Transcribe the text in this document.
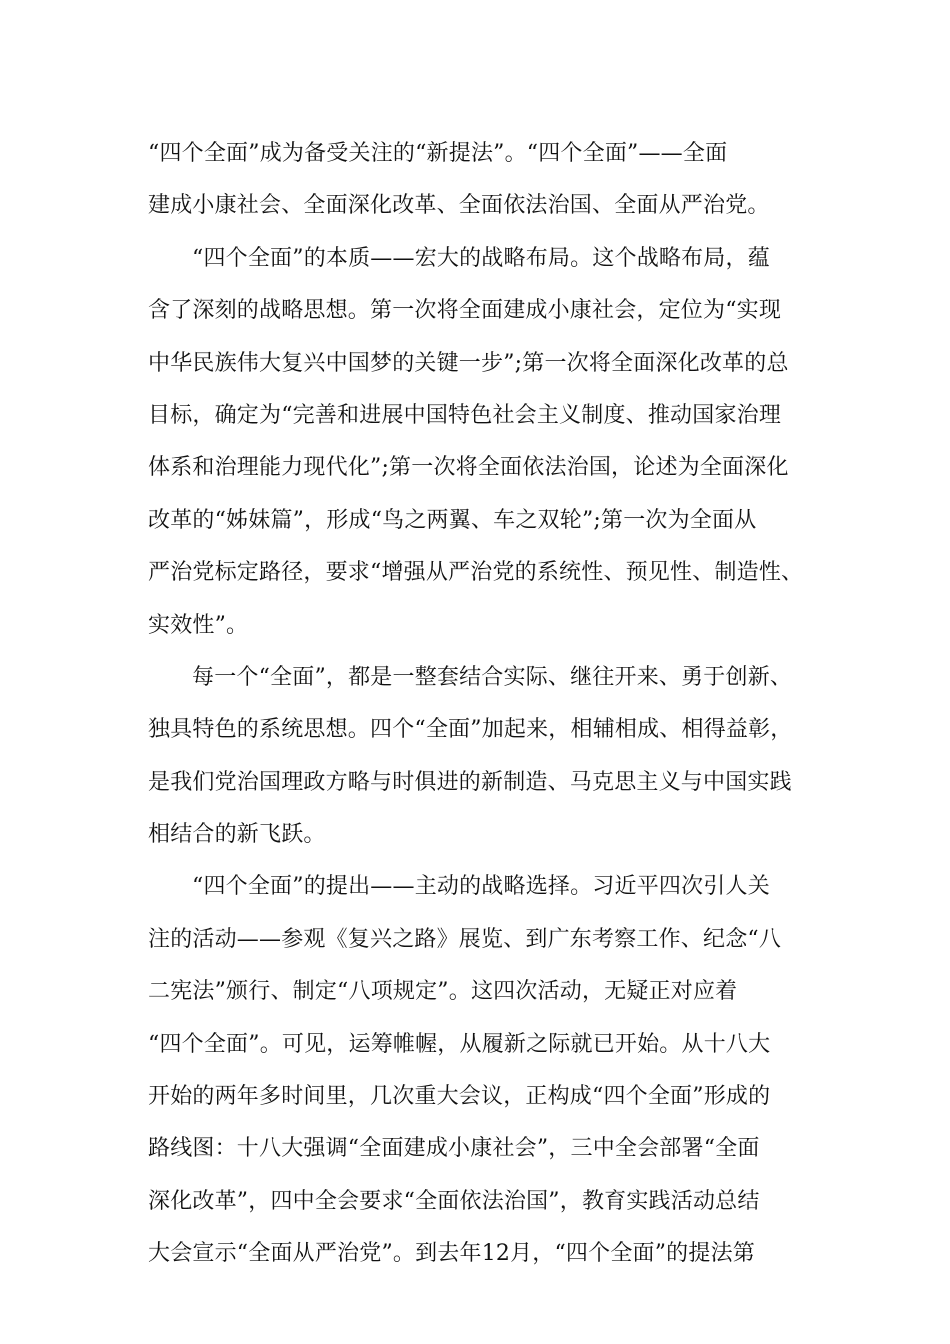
“四个全面”成为备受关注的“新提法”。“四个全面”——全面
建成小康社会、全面深化改革、全面依法治国、全面从严治党。
“四个全面”的本质——宏大的战略布局。这个战略布局，蕴
含了深刻的战略思想。第一次将全面建成小康社会，定位为“实现
中华民族伟大复兴中国梦的关键一步”;第一次将全面深化改革的总
目标，确定为“完善和进展中国特色社会主义制度、推动国家治理
体系和治理能力现代化”;第一次将全面依法治国，论述为全面深化
改革的“姊妹篇”，形成“鸟之两翼、车之双轮”;第一次为全面从
严治党标定路径，要求“增强从严治党的系统性、预见性、制造性、
实效性”。
每一个“全面”，都是一整套结合实际、继往开来、勇于创新、
独具特色的系统思想。四个“全面”加起来，相辅相成、相得益彰，
是我们党治国理政方略与时俱进的新制造、马克思主义与中国实践
相结合的新飞跃。
“四个全面”的提出——主动的战略选择。习近平四次引人关
注的活动——参观《复兴之路》展览、到广东考察工作、纪念“八
二宪法”颁行、制定“八项规定”。这四次活动，无疑正对应着
“四个全面”。可见，运筹帷幄，从履新之际就已开始。从十八大
开始的两年多时间里，几次重大会议，正构成“四个全面”形成的
路线图：十八大强调“全面建成小康社会”，三中全会部署“全面
深化改革”，四中全会要求“全面依法治国”，教育实践活动总结
大会宣示“全面从严治党”。到去年12月，“四个全面”的提法第
